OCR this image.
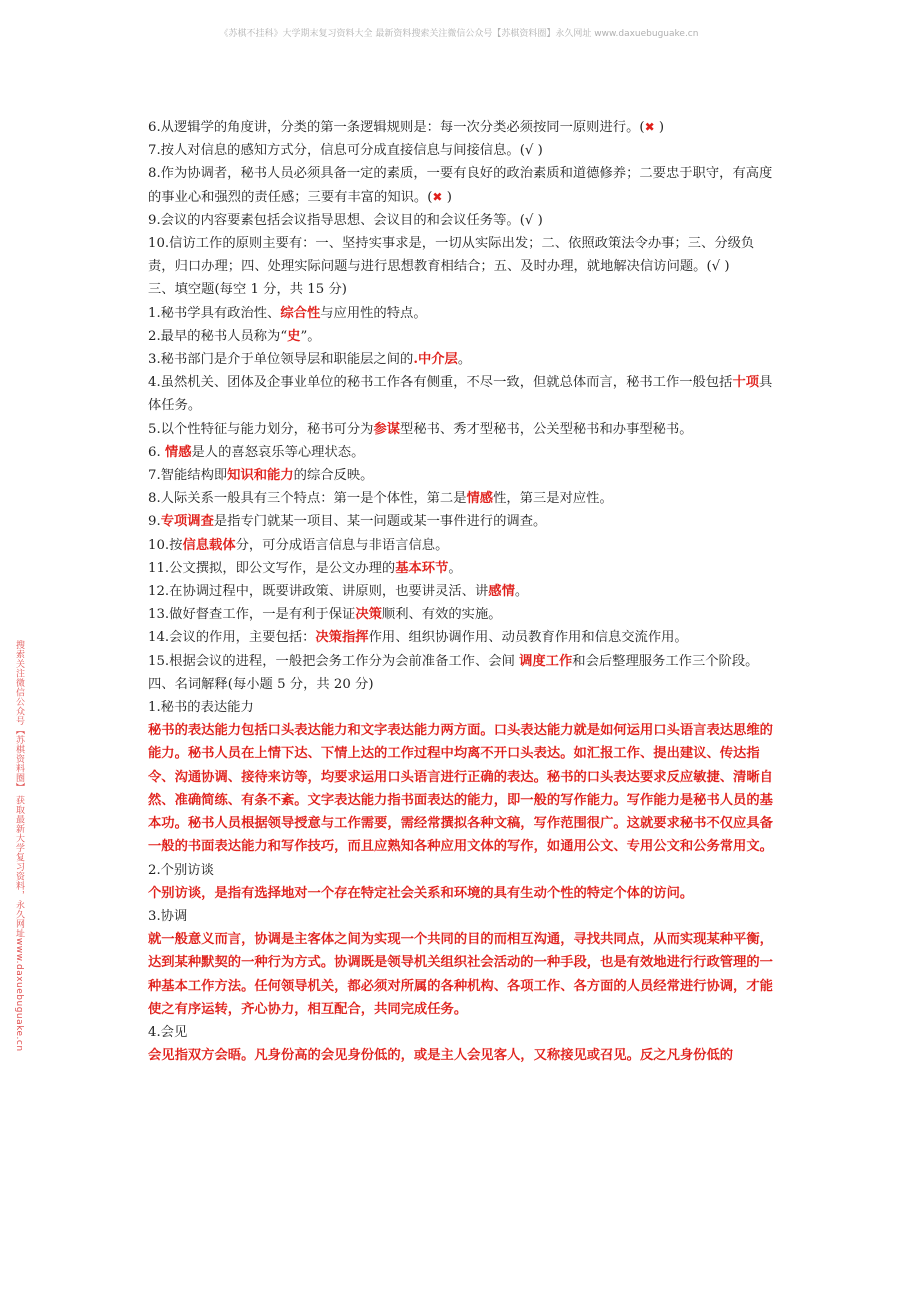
《苏棋不挂科》大学期末复习资料大全 最新资料搜索关注微信公众号【苏棋资料圈】永久网址 www.daxuebuguake.cn
搜索关注微信公众号【苏棋资料圈】 获取最新大学复习资料，永久网址www.daxuebuguake.cn

6.从逻辑学的角度讲，分类的第一条逻辑规则是：每一次分类必须按同一原则进行。(✖ )

7.按人对信息的感知方式分，信息可分成直接信息与间接信息。(√ )

8.作为协调者，秘书人员必须具备一定的素质，一要有良好的政治素质和道德修养；二要忠于职守，有高度的事业心和强烈的责任感；三要有丰富的知识。(✖ )

9.会议的内容要素包括会议指导思想、会议目的和会议任务等。(√ )

10.信访工作的原则主要有：一、坚持实事求是，一切从实际出发；二、依照政策法令办事；三、分级负责，归口办理；四、处理实际问题与进行思想教育相结合；五、及时办理，就地解决信访问题。(√ )

三、填空题(每空 1 分，共 15 分)

1.秘书学具有政治性、综合性与应用性的特点。

2.最早的秘书人员称为“史”。

3.秘书部门是介于单位领导层和职能层之间的.中介层。

4.虽然机关、团体及企事业单位的秘书工作各有侧重，不尽一致，但就总体而言，秘书工作一般包括十项具体任务。

5.以个性特征与能力划分，秘书可分为参谋型秘书、秀才型秘书，公关型秘书和办事型秘书。

6. 情感是人的喜怒哀乐等心理状态。

7.智能结构即知识和能力的综合反映。

8.人际关系一般具有三个特点：第一是个体性，第二是情感性，第三是对应性。

9.专项调查是指专门就某一项目、某一问题或某一事件进行的调查。

10.按信息载体分，可分成语言信息与非语言信息。

11.公文撰拟，即公文写作，是公文办理的基本环节。

12.在协调过程中，既要讲政策、讲原则，也要讲灵活、讲感情。

13.做好督查工作，一是有利于保证决策顺利、有效的实施。

14.会议的作用，主要包括：决策指挥作用、组织协调作用、动员教育作用和信息交流作用。

15.根据会议的进程，一般把会务工作分为会前准备工作、会间 调度工作和会后整理服务工作三个阶段。

四、名词解释(每小题 5 分，共 20 分)

1.秘书的表达能力

秘书的表达能力包括口头表达能力和文字表达能力两方面。口头表达能力就是如何运用口头语言表达思维的能力。秘书人员在上情下达、下情上达的工作过程中均离不开口头表达。如汇报工作、提出建议、传达指令、沟通协调、接待来访等，均要求运用口头语言进行正确的表达。秘书的口头表达要求反应敏捷、清晰自然、准确简练、有条不紊。文字表达能力指书面表达的能力，即一般的写作能力。写作能力是秘书人员的基本功。秘书人员根据领导授意与工作需要，需经常撰拟各种文稿，写作范围很广。这就要求秘书不仅应具备一般的书面表达能力和写作技巧，而且应熟知各种应用文体的写作，如通用公文、专用公文和公务常用文。

2.个别访谈

个别访谈，是指有选择地对一个存在特定社会关系和环境的具有生动个性的特定个体的访问。

3.协调

就一般意义而言，协调是主客体之间为实现一个共同的目的而相互沟通，寻找共同点，从而实现某种平衡，达到某种默契的一种行为方式。协调既是领导机关组织社会活动的一种手段，也是有效地进行行政管理的一种基本工作方法。任何领导机关，都必须对所属的各种机构、各项工作、各方面的人员经常进行协调，才能使之有序运转，齐心协力，相互配合，共同完成任务。

4.会见

会见指双方会晤。凡身份高的会见身份低的，或是主人会见客人，又称接见或召见。反之凡身份低的
